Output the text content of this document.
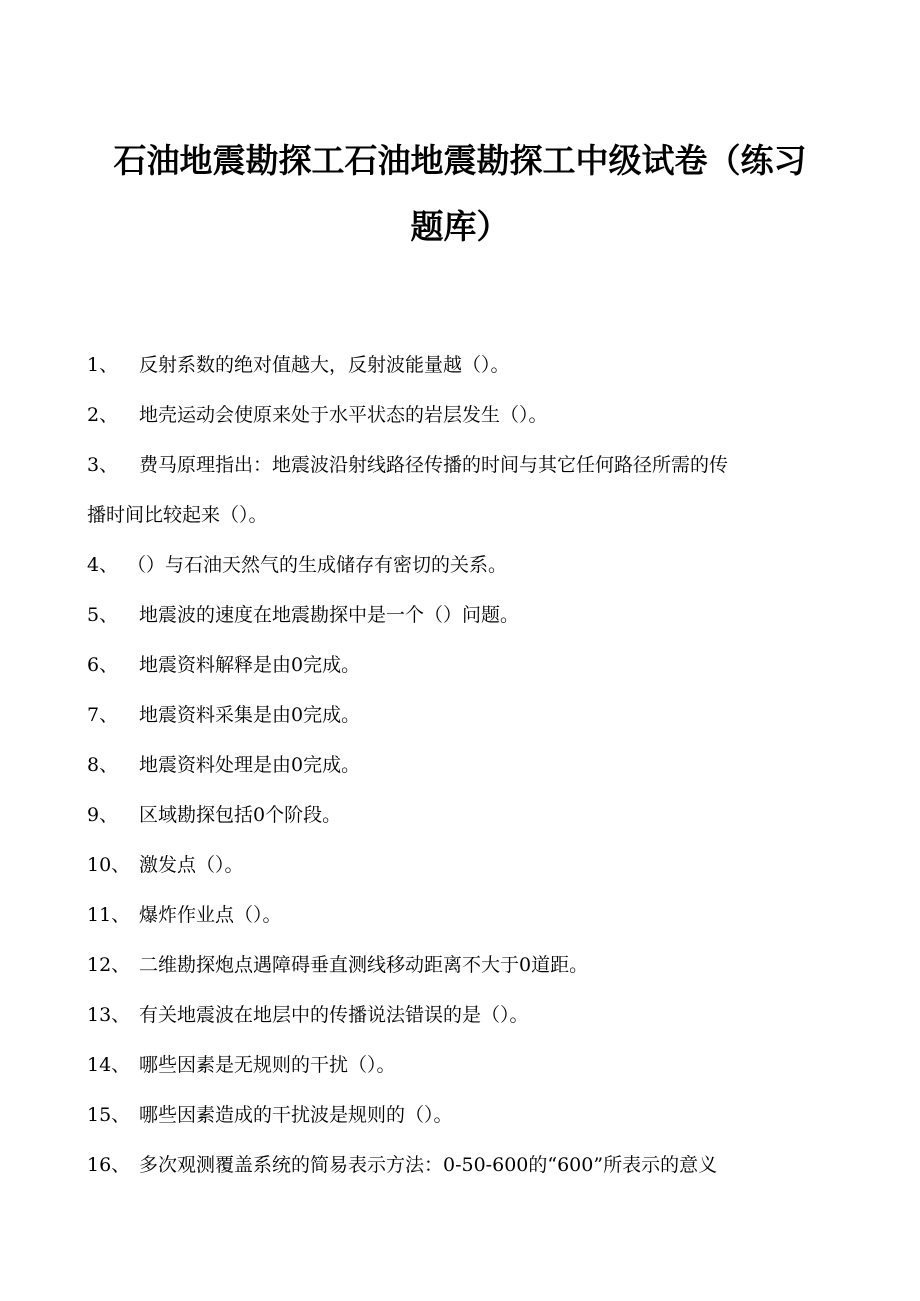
石油地震勘探工石油地震勘探工中级试卷（练习
题库）
1、 反射系数的绝对值越大，反射波能量越（）。
2、 地壳运动会使原来处于水平状态的岩层发生（）。
3、 费马原理指出：地震波沿射线路径传播的时间与其它任何路径所需的传
播时间比较起来（）。
4、 （）与石油天然气的生成储存有密切的关系。
5、 地震波的速度在地震勘探中是一个（）问题。
6、 地震资料解释是由0完成。
7、 地震资料采集是由0完成。
8、 地震资料处理是由0完成。
9、 区域勘探包括0个阶段。
10、 激发点（）。
11、 爆炸作业点（）。
12、 二维勘探炮点遇障碍垂直测线移动距离不大于0道距。
13、 有关地震波在地层中的传播说法错误的是（）。
14、 哪些因素是无规则的干扰（）。
15、 哪些因素造成的干扰波是规则的（）。
16、 多次观测覆盖系统的简易表示方法：0-50-600的“600”所表示的意义
